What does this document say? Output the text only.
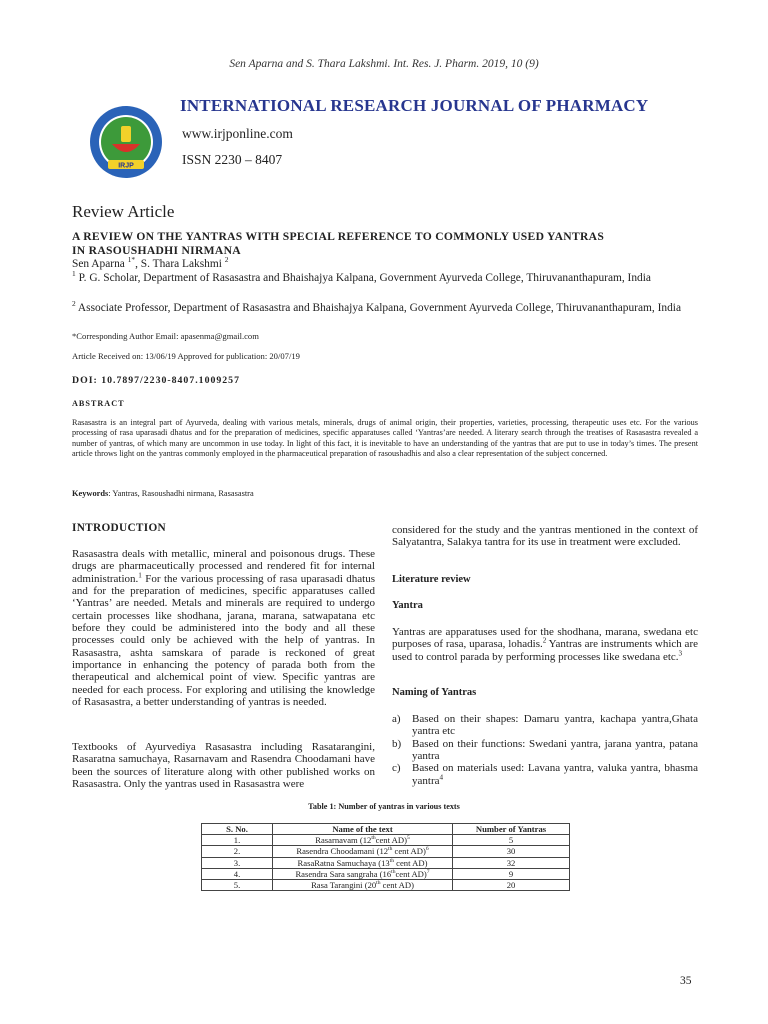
Sen Aparna and S. Thara Lakshmi. Int. Res. J. Pharm. 2019, 10 (9)
IRJP
INTERNATIONAL RESEARCH JOURNAL OF PHARMACY
www.irjponline.com
ISSN 2230 – 8407
Review Article
A REVIEW ON THE YANTRAS WITH SPECIAL REFERENCE TO COMMONLY USED YANTRAS
IN RASOUSHADHI NIRMANA
Sen Aparna $^{1*}$, S. Thara Lakshmi $^2$
$^1$ P. G. Scholar, Department of Rasasastra and Bhaishajya Kalpana, Government Ayurveda College, Thiruvananthapuram, India
$^2$ Associate Professor, Department of Rasasastra and Bhaishajya Kalpana, Government Ayurveda College, Thiruvananthapuram, India
*Corresponding Author Email: apasenma@gmail.com
Article Received on: 13/06/19 Approved for publication: 20/07/19
DOI: 10.7897/2230-8407.1009257
ABSTRACT
Rasasastra is an integral part of Ayurveda, dealing with various metals, minerals, drugs of animal origin, their properties, varieties, processing, therapeutic uses etc. For the various processing of rasa uparasadi dhatus and for the preparation of medicines, specific apparatuses called ‘Yantras’are needed. A literary search through the treatises of Rasasastra revealed a number of yantras, of which many are uncommon in use today. In light of this fact, it is inevitable to have an understanding of the yantras that are put to use in today’s times. The present article throws light on the yantras commonly employed in the pharmaceutical preparation of rasoushadhis and also a clear representation of the subject concerned.
Keywords: Yantras, Rasoushadhi nirmana, Rasasastra
INTRODUCTION
Rasasastra deals with metallic, mineral and poisonous drugs. These drugs are pharmaceutically processed and rendered fit for internal administration.$^1$ For the various processing of rasa uparasadi dhatus and for the preparation of medicines, specific apparatuses called ‘Yantras’ are needed. Metals and minerals are required to undergo certain processes like shodhana, jarana, marana, satwapatana etc before they could be administered into the body and all these processes could only be achieved with the help of yantras. In Rasasastra, ashta samskara of parade is reckoned of great importance in enhancing the potency of parada both from the therapeutical and alchemical point of view. Specific yantras are needed for each process. For exploring and utilising the knowledge of Rasasastra, a better understanding of yantras is needed.
Textbooks of Ayurvediya Rasasastra including Rasatarangini, Rasaratna samuchaya, Rasarnavam and Rasendra Choodamani have been the sources of literature along with other published works on Rasasastra. Only the yantras used in Rasasastra were
considered for the study and the yantras mentioned in the context of Salyatantra, Salakya tantra for its use in treatment were excluded.
Literature review
Yantra
Yantras are apparatuses used for the shodhana, marana, swedana etc purposes of rasa, uparasa, lohadis.$^2$ Yantras are instruments which are used to control parada by performing processes like swedana etc.$^3$
Naming of Yantras
a) Based on their shapes: Damaru yantra, kachapa yantra,Ghata yantra etc
b) Based on their functions: Swedani yantra, jarana yantra, patana yantra
c) Based on materials used: Lavana yantra, valuka yantra, bhasma yantra$^4$
Table 1: Number of yantras in various texts
S. No.	Name of the text	Number of Yantras
1.	Rasarnavam (12thcent AD)$^5$	5
2.	Rasendra Choodamani (12th cent AD)$^6$	30
3.	RasaRatna Samuchaya (13th cent AD)	32
4.	Rasendra Sara sangraha (16thcent AD)$^7$	9
5.	Rasa Tarangini (20th cent AD)	20
35
